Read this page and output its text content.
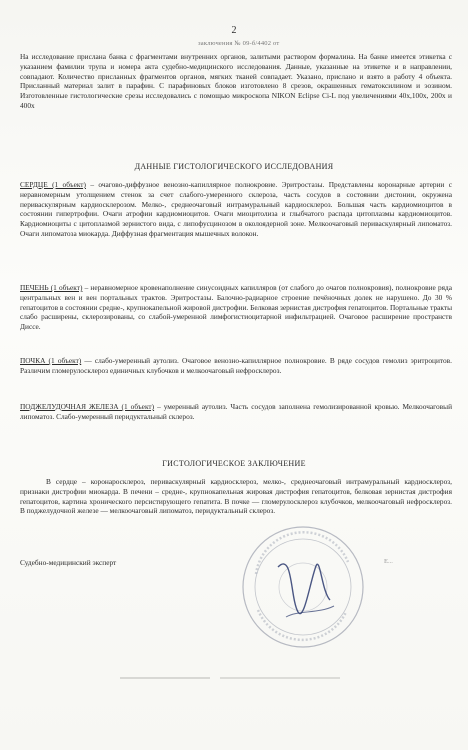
2
заключения № 09-б/4402 от
На исследование прислана банка с фрагментами внутренних органов, залитыми раствором формалина. На банке имеется этикетка с указанием фамилии трупа и номера акта судебно-медицинского исследования. Данные, указанные на этикетке и в направлении, совпадают. Количество присланных фрагментов органов, мягких тканей совпадает. Указано, прислано и взято в работу 4 объекта. Присланный материал залит в парафин. С парафиновых блоков изготовлено 8 срезов, окрашенных гематоксилином и эозином. Изготовленные гистологические срезы исследовались с помощью микроскопа NIKON Eclipse Ci-L под увеличениями 40х,100х, 200х и 400х
ДАННЫЕ ГИСТОЛОГИЧЕСКОГО ИССЛЕДОВАНИЯ
СЕРДЦЕ (1 объект) – очагово-диффузное венозно-капиллярное полнокровие. Эритростазы. Представлены коронарные артерии с неравномерным утолщением стенок за счет слабого-умеренного склероза, часть сосудов в состоянии дистонии, окружена периваскулярным кардиосклерозом. Мелко-, среднеочаговый интрамуральный кардиосклероз. Большая часть кардиомиоцитов в состоянии гипертрофии. Очаги атрофии кардиомиоцитов. Очаги миоцитолиза и глыбчатого распада цитоплазмы кардиомиоцитов. Кардиомиоциты с цитоплазмой зернистого вида, с липофусцинозом в околоядерной зоне. Мелкоочаговый периваскулярный липоматоз. Очаги липоматоза миокарда. Диффузная фрагментация мышечных волокон.
ПЕЧЕНЬ (1 объект) – неравномерное кровенаполнение синусоидных капилляров (от слабого до очагов полнокровия), полнокровие ряда центральных вен и вен портальных трактов. Эритростазы. Балочно-радиарное строение печёночных долек не нарушено. До 30 % гепатоцитов в состоянии средне-, крупнокапельной жировой дистрофии. Белковая зернистая дистрофия гепатоцитов. Портальные тракты слабо расширены, склерозированы, со слабой-умеренной лимфогистиоцитарной инфильтрацией. Очаговое расширение пространств Диссе.
ПОЧКА (1 объект) — слабо-умеренный аутолиз. Очаговое венозно-капиллярное полнокровие. В ряде сосудов гемолиз эритроцитов. Различим гломерулосклероз единичных клубочков и мелкоочаговый нефросклероз.
ПОДЖЕЛУДОЧНАЯ ЖЕЛЕЗА (1 объект) – умеренный аутолиз. Часть сосудов заполнена гемолизированной кровью. Мелкоочаговый липоматоз. Слабо-умеренный перидуктальный склероз.
ГИСТОЛОГИЧЕСКОЕ ЗАКЛЮЧЕНИЕ
В сердце – коронаросклероз, периваскулярный кардиосклероз, мелко-, среднеочаговый интрамуральный кардиосклероз, признаки дистрофии миокарда. В печени – средне-, крупнокапельная жировая дистрофия гепатоцитов, белковая зернистая дистрофия гепатоцитов, картина хронического персистирующего гепатита. В почке — гломерулосклероз клубочков, мелкоочаговый нефросклероз. В поджелудочной железе — мелкоочаговый липоматоз, перидуктальный склероз.
Судебно-медицинский эксперт	Е...
